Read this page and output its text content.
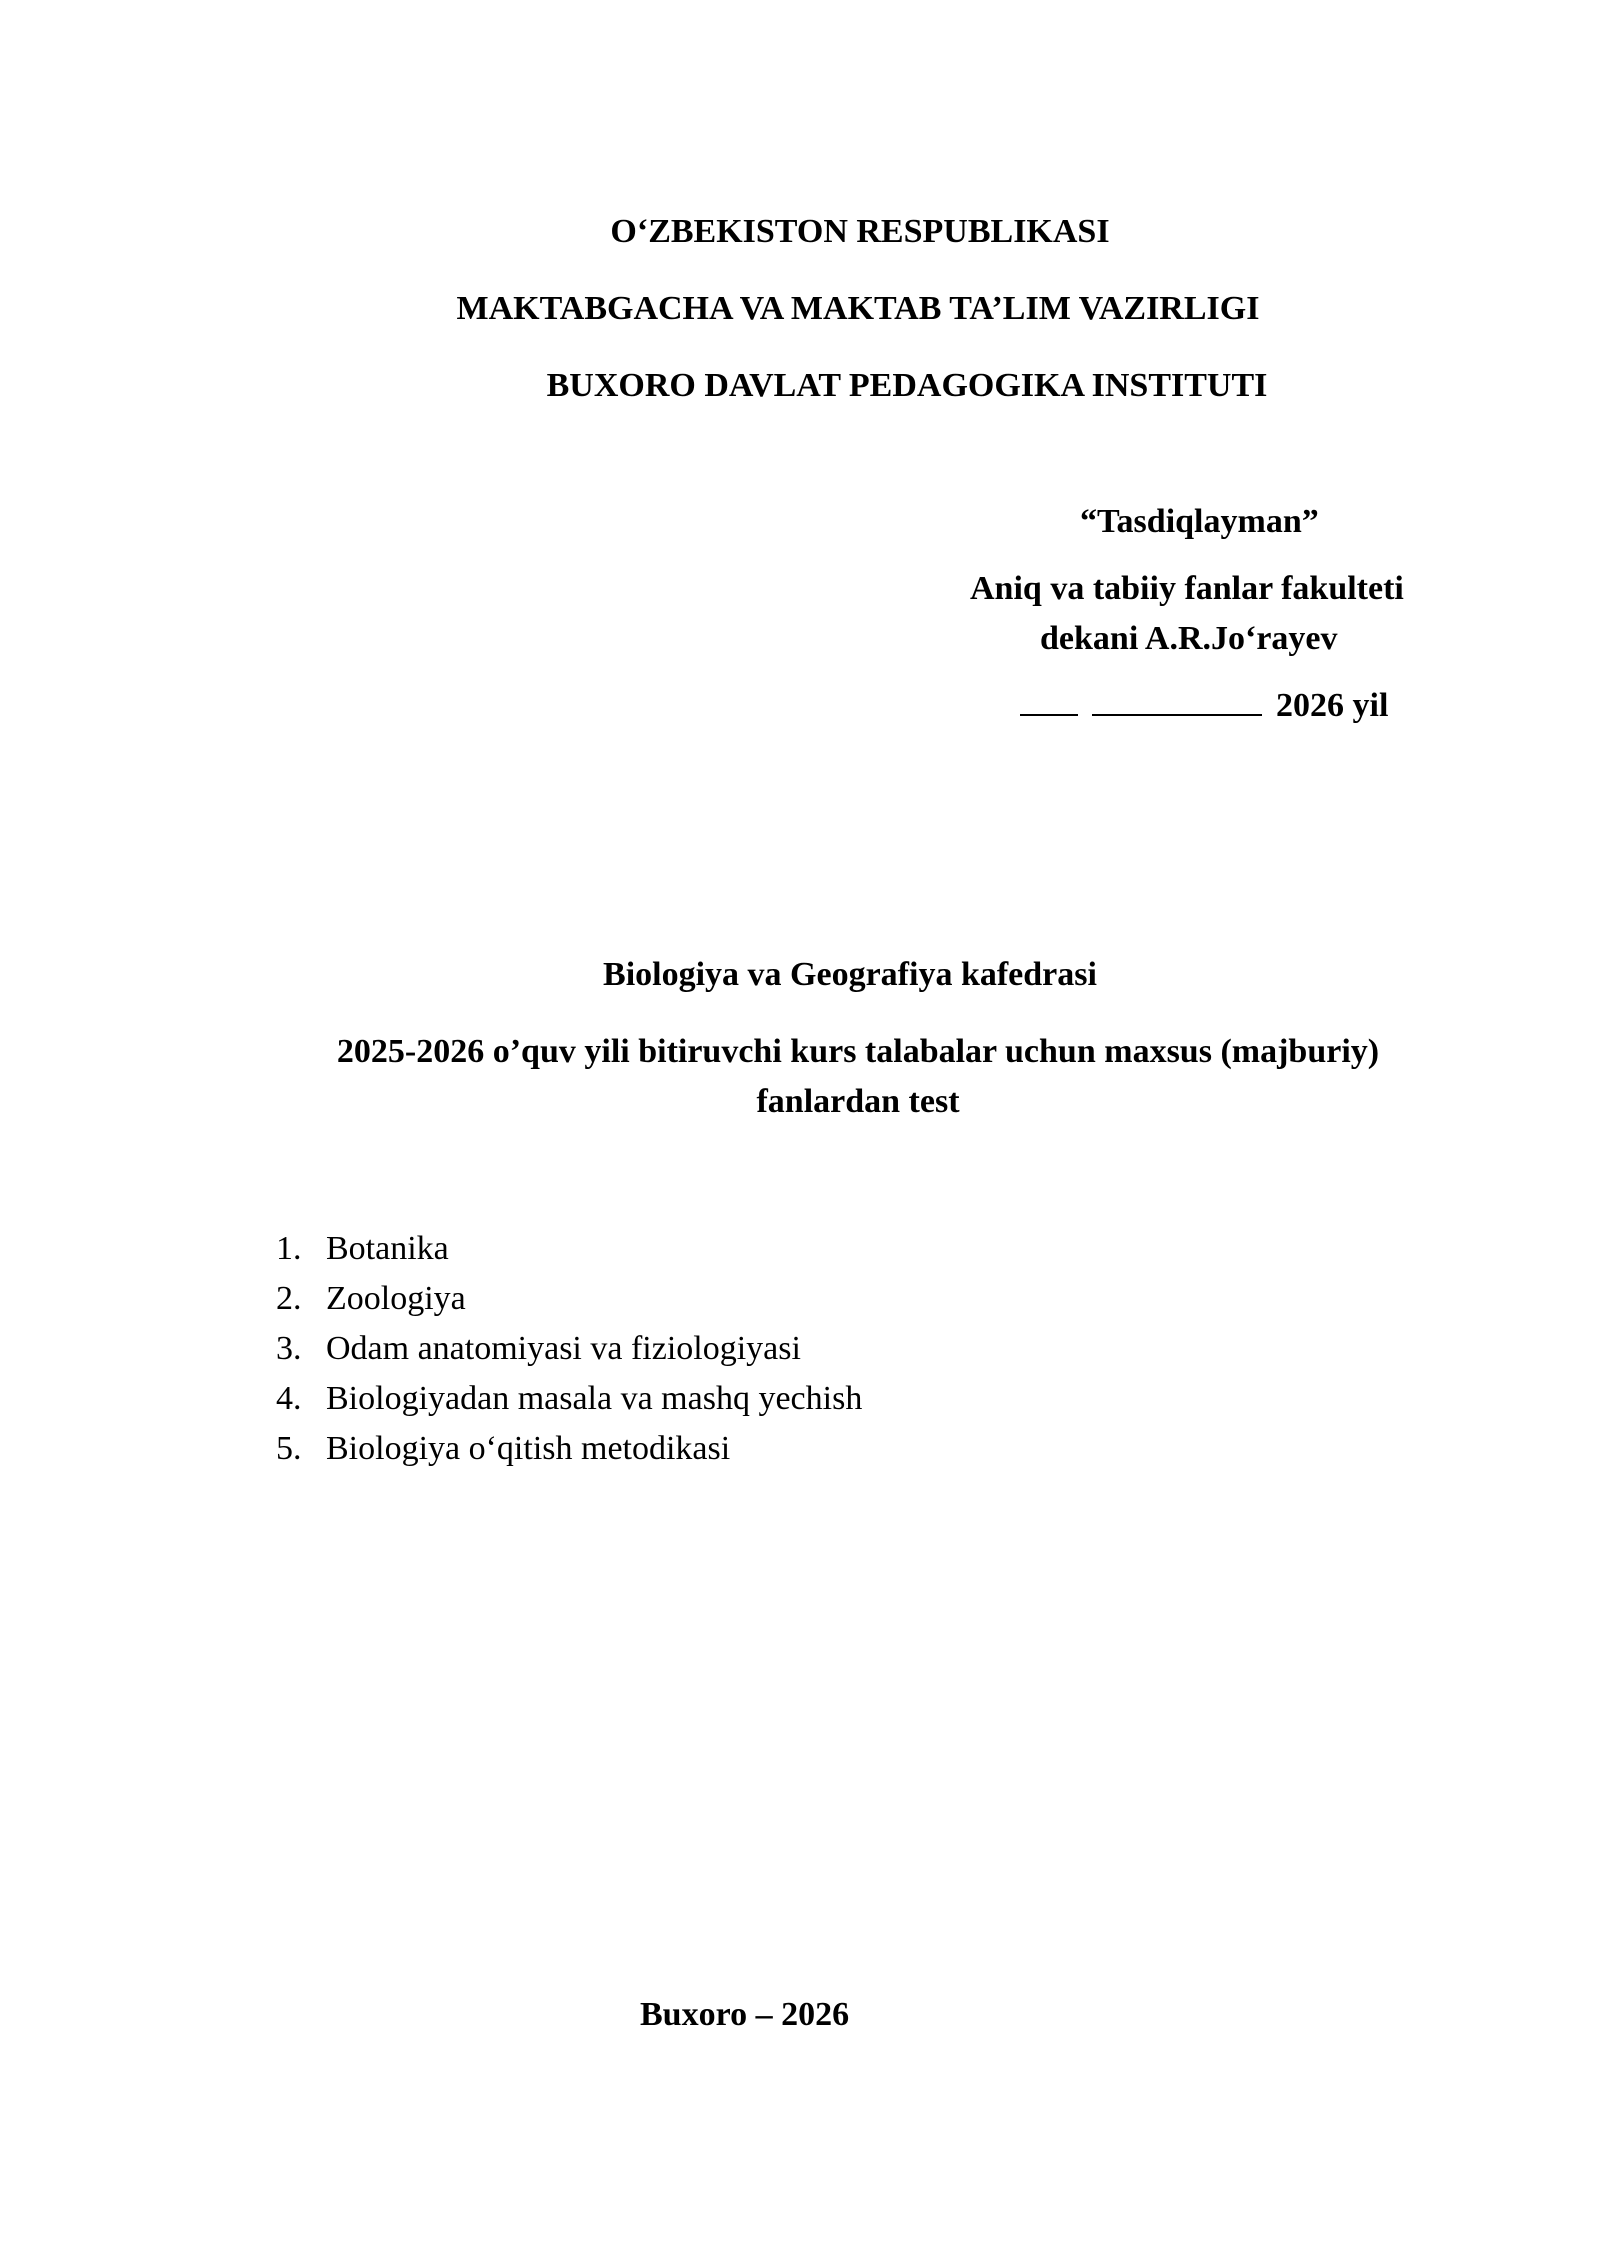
O‘ZBEKISTON RESPUBLIKASI
MAKTABGACHA VA MAKTAB TA’LIM VAZIRLIGI
BUXORO DAVLAT PEDAGOGIKA INSTITUTI
“Tasdiqlayman”
Aniq va tabiiy fanlar fakulteti
dekani A.R.Jo‘rayev
2026 yil
Biologiya va Geografiya kafedrasi
2025-2026 o’quv yili bitiruvchi kurs talabalar uchun maxsus (majburiy)
fanlardan test
1. Botanika
2. Zoologiya
3. Odam anatomiyasi va fiziologiyasi
4. Biologiyadan masala va mashq yechish
5. Biologiya o‘qitish metodikasi
Buxoro – 2026
